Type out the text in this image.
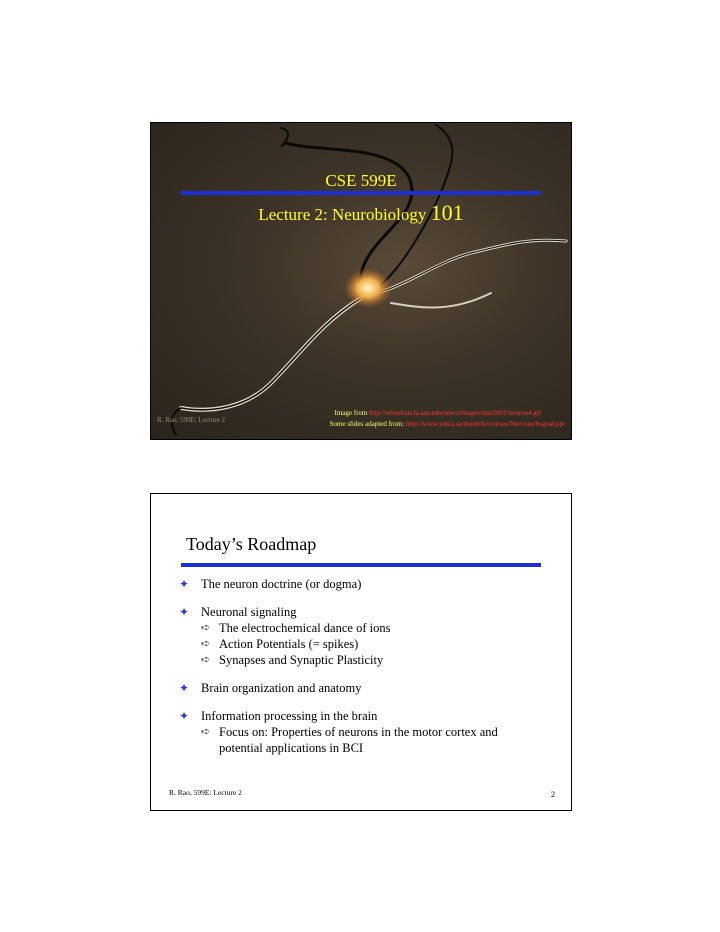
CSE 599E
Lecture 2: Neurobiology 101
R. Rao, 599E: Lecture 2
Image from http://wlordous.la.asu.edu/news/images/mar2001/neuron4.gif
Some slides adapted from: http://www.ymca.sa/doom/b/courses/Nervous/hsgrad.ppt
Today’s Roadmap
✦ The neuron doctrine (or dogma)
✦ Neuronal signaling
➪ The electrochemical dance of ions
➪ Action Potentials (= spikes)
➪ Synapses and Synaptic Plasticity
✦ Brain organization and anatomy
✦ Information processing in the brain
➪ Focus on: Properties of neurons in the motor cortex and
potential applications in BCI
R. Rao, 599E: Lecture 2	2
